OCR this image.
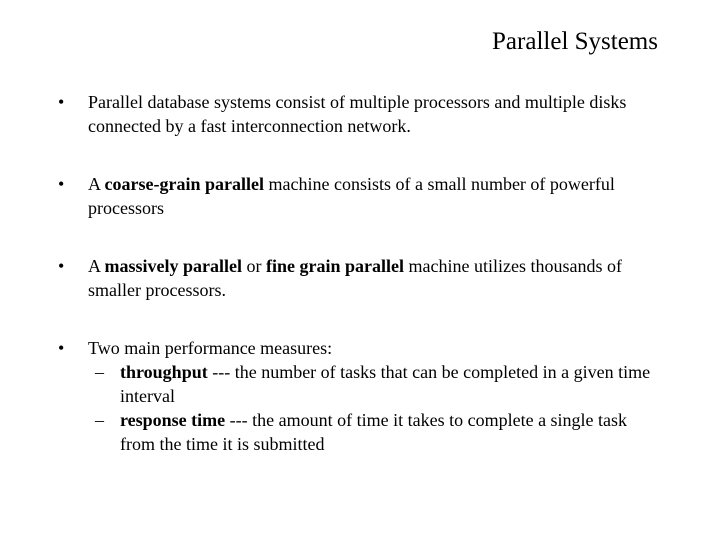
Parallel Systems
• Parallel database systems consist of multiple processors and multiple disks connected by a fast interconnection network.
• A coarse-grain parallel machine consists of a small number of powerful processors
• A massively parallel or fine grain parallel machine utilizes thousands of smaller processors.
• Two main performance measures:
– throughput --- the number of tasks that can be completed in a given time interval
– response time --- the amount of time it takes to complete a single task from the time it is submitted
